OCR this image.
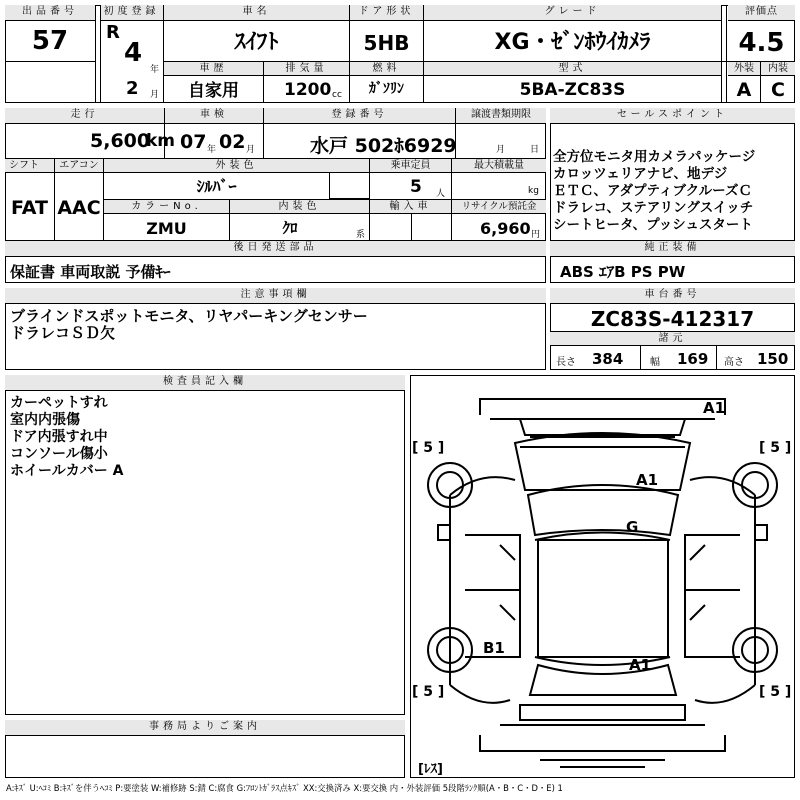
出品番号
57
初度登録
R
4
年
2 月
車名
ｽｲﾌﾄ
ドア形状
5HB
グレード
XG・ｾﾞﾝﾎｳｲｶﾒﾗ
評価点
4.5
車歴
自家用
排気量
1200 cc
燃料
ｶﾞｿﾘﾝ
型式
5BA-ZC83S
外装
A
内装
C
走行
5,600
km
車検
07 年 02 月
登録番号
水戸 502ﾎ6929
譲渡書類期限
月	日
シフト
FAT
エアコン
AAC
外装色
ｼﾙﾊﾞｰ
乗車定員
5 人
最大積載量
kg
カラーNo.
ZMU
内装色
ｸﾛ	系
輸入車	リサイクル預託金
6,960 円
セールスポイント
全方位モニタ用カメラパッケージ
カロッツェリアナビ、地デジ
ＥＴＣ、アダプティブクルーズＣ
ドラレコ、ステアリングスイッチ
シートヒータ、プッシュスタート
後日発送部品
保証書 車両取説 予備ｷｰ
純正装備
ABS ｴｱB PS PW
注意事項欄
ブラインドスポットモニタ、リヤパーキングセンサー
ドラレコＳＤ欠
車台番号
ZC83S-412317
諸元
長さ 384	幅 169 高さ 150
検査員記入欄
カーペットすれ
室内内張傷
ドア内張すれ中
コンソール傷小
ホイールカバー A
事務局よりご案内
A1
A1
G
B1
A1
[ 5 ]	[ 5 ]
[ 5 ]	[ 5 ]
[ﾚｽ]
A:ｷｽﾞ U:ﾍｺﾐ B:ｷｽﾞを伴うﾍｺﾐ P:要塗装 W:補修跡 S:錆 C:腐食 G:ﾌﾛﾝﾄｶﾞﾗｽ点ｷｽﾞ XX:交換済み X:要交換 内・外装評価 5段階ﾗﾝｸ順(A・B・C・D・E) 1
